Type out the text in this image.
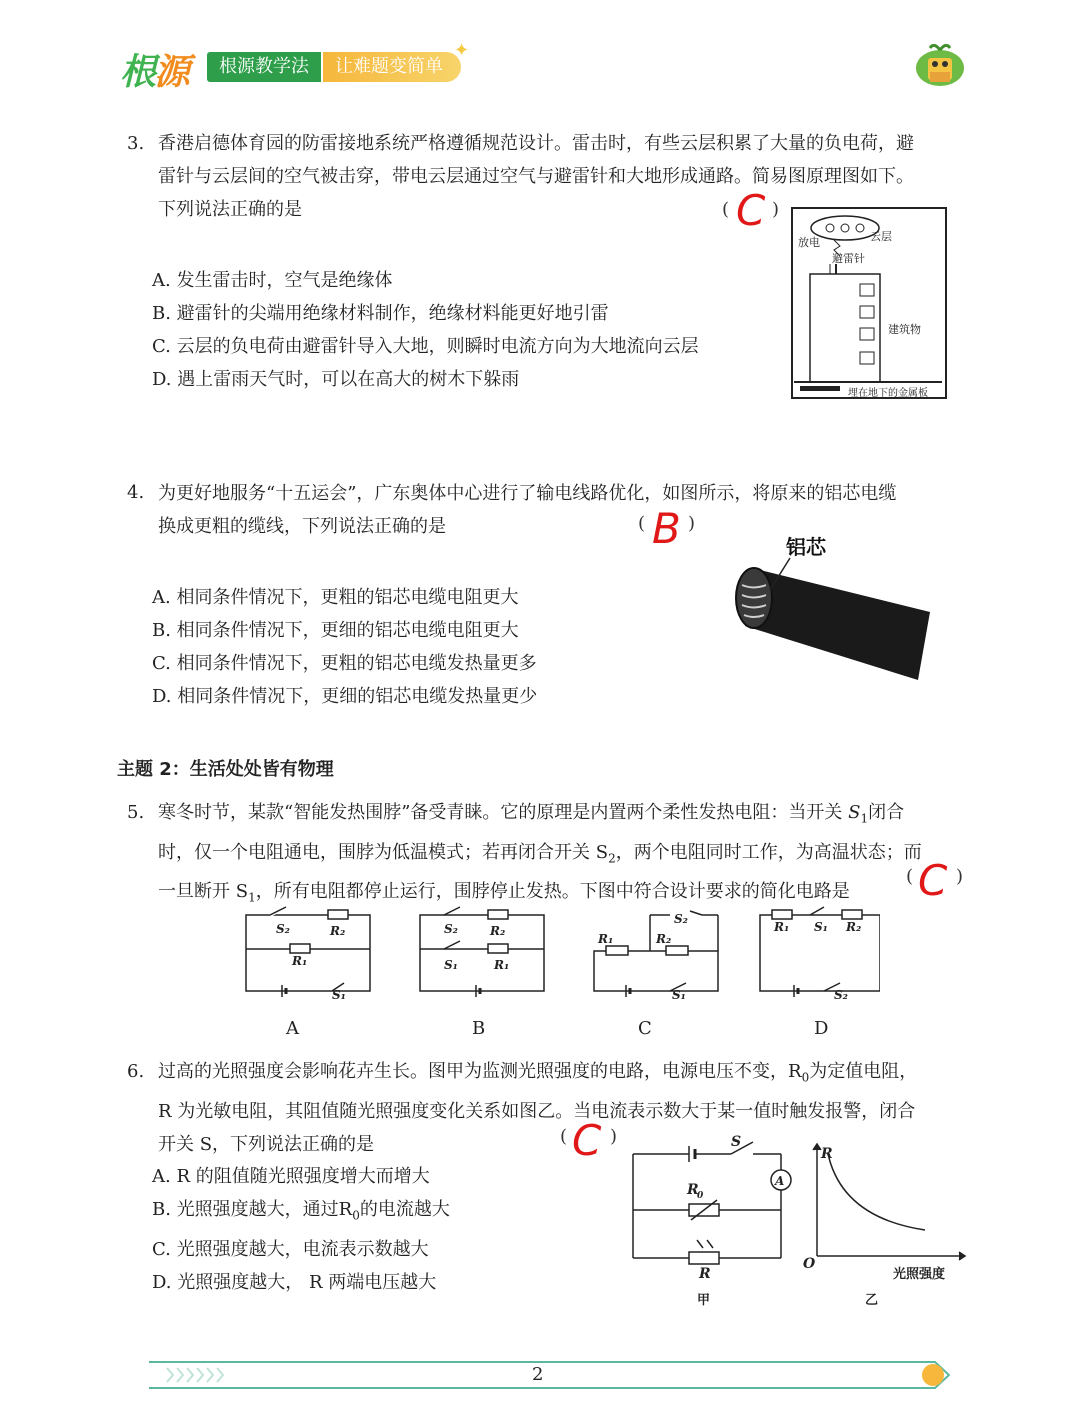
根源	根源教学法	让难题变简单
✦
3. 香港启德体育园的防雷接地系统严格遵循规范设计。雷击时，有些云层积累了大量的负电荷，避
雷针与云层间的空气被击穿，带电云层通过空气与避雷针和大地形成通路。简易图原理图如下。
下列说法正确的是	( )
C
A. 发生雷击时，空气是绝缘体
B. 避雷针的尖端用绝缘材料制作，绝缘材料能更好地引雷
C. 云层的负电荷由避雷针导入大地，则瞬时电流方向为大地流向云层
D. 遇上雷雨天气时，可以在高大的树木下躲雨
放电	云层
避雷针
建筑物
埋在地下的金属板
4. 为更好地服务“十五运会”，广东奥体中心进行了输电线路优化，如图所示，将原来的铝芯电缆
换成更粗的缆线，下列说法正确的是	( )
B
A. 相同条件情况下，更粗的铝芯电缆电阻更大
B. 相同条件情况下，更细的铝芯电缆电阻更大
C. 相同条件情况下，更粗的铝芯电缆发热量更多
D. 相同条件情况下，更细的铝芯电缆发热量更少
铝芯
主题 2：生活处处皆有物理
5. 寒冬时节，某款“智能发热围脖”备受青睐。它的原理是内置两个柔性发热电阻：当开关 $S_1$闭合
时，仅一个电阻通电，围脖为低温模式；若再闭合开关 $S_2$，两个电阻同时工作，为高温状态；而
一旦断开 $S_1$，所有电阻都停止运行，围脖停止发热。下图中符合设计要求的简化电路是
( )
C
S₂	R₂
R₁
S₁
S₂	R₂
S₁	R₁
R₁	R₂
S₂
S₁
R₁ S₁ R₂
S₂
A	B	C	D
6. 过高的光照强度会影响花卉生长。图甲为监测光照强度的电路，电源电压不变，$R_0$为定值电阻，
R 为光敏电阻，其阻值随光照强度变化关系如图乙。当电流表示数大于某一值时触发报警，闭合
开关 S，下列说法正确的是	( )
C
A. R 的阻值随光照强度增大而增大
B. 光照强度越大，通过$R_0$的电流越大
C. 光照强度越大，电流表示数越大
D. 光照强度越大， R 两端电压越大
S
A
R
0
R
R
O
光照强度
甲	乙
2
